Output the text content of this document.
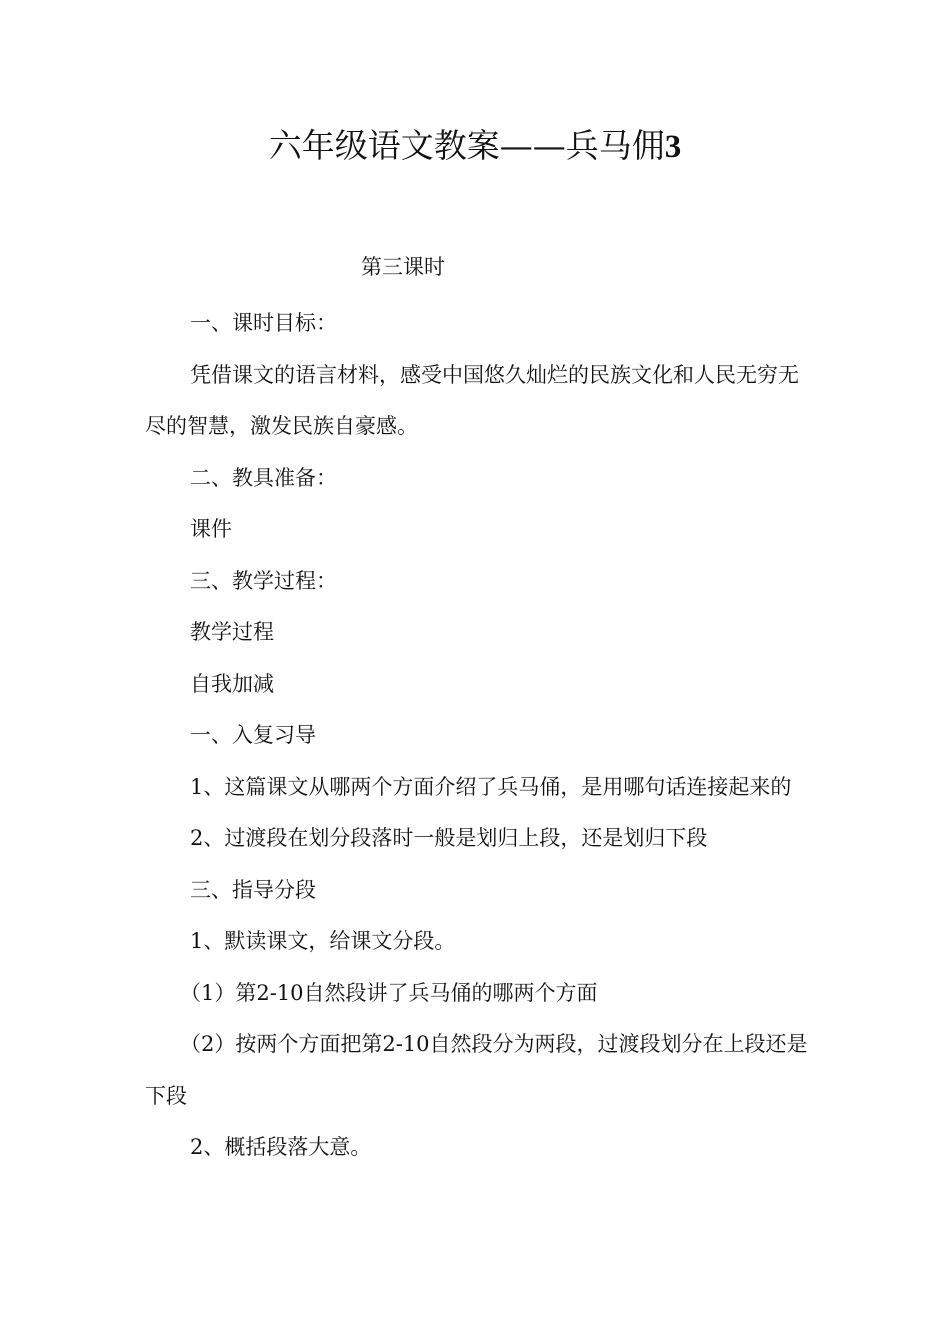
六年级语文教案——兵马佣3
第三课时

一、课时目标：

凭借课文的语言材料，感受中国悠久灿烂的民族文化和人民无穷无尽的智慧，激发民族自豪感。

二、教具准备：

课件

三、教学过程：

教学过程

自我加减

一、入复习导

1、这篇课文从哪两个方面介绍了兵马俑，是用哪句话连接起来的

2、过渡段在划分段落时一般是划归上段，还是划归下段

三、指导分段

1、默读课文，给课文分段。

（1）第2-10自然段讲了兵马俑的哪两个方面

（2）按两个方面把第2-10自然段分为两段，过渡段划分在上段还是下段

2、概括段落大意。
